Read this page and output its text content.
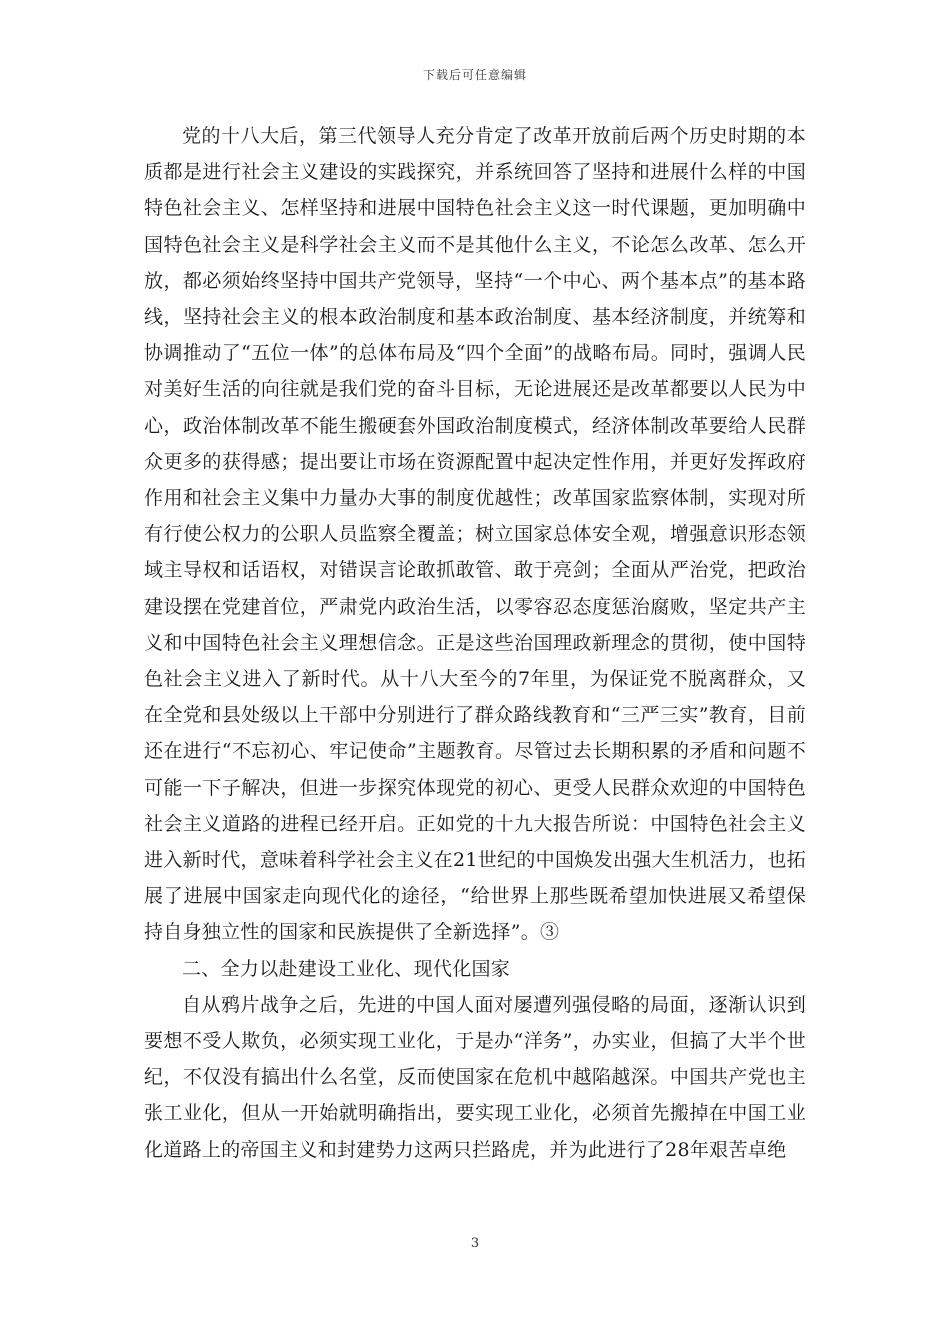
下载后可任意编辑

党的十八大后，第三代领导人充分肯定了改革开放前后两个历史时期的本质都是进行社会主义建设的实践探究，并系统回答了坚持和进展什么样的中国特色社会主义、怎样坚持和进展中国特色社会主义这一时代课题，更加明确中国特色社会主义是科学社会主义而不是其他什么主义，不论怎么改革、怎么开放，都必须始终坚持中国共产党领导，坚持“一个中心、两个基本点”的基本路线，坚持社会主义的根本政治制度和基本政治制度、基本经济制度，并统筹和协调推动了“五位一体”的总体布局及“四个全面”的战略布局。同时，强调人民对美好生活的向往就是我们党的奋斗目标，无论进展还是改革都要以人民为中心，政治体制改革不能生搬硬套外国政治制度模式，经济体制改革要给人民群众更多的获得感；提出要让市场在资源配置中起决定性作用，并更好发挥政府作用和社会主义集中力量办大事的制度优越性；改革国家监察体制，实现对所有行使公权力的公职人员监察全覆盖；树立国家总体安全观，增强意识形态领域主导权和话语权，对错误言论敢抓敢管、敢于亮剑；全面从严治党，把政治建设摆在党建首位，严肃党内政治生活，以零容忍态度惩治腐败，坚定共产主义和中国特色社会主义理想信念。正是这些治国理政新理念的贯彻，使中国特色社会主义进入了新时代。从十八大至今的7年里，为保证党不脱离群众，又在全党和县处级以上干部中分别进行了群众路线教育和“三严三实”教育，目前还在进行“不忘初心、牢记使命”主题教育。尽管过去长期积累的矛盾和问题不可能一下子解决，但进一步探究体现党的初心、更受人民群众欢迎的中国特色社会主义道路的进程已经开启。正如党的十九大报告所说：中国特色社会主义进入新时代，意味着科学社会主义在21世纪的中国焕发出强大生机活力，也拓展了进展中国家走向现代化的途径，“给世界上那些既希望加快进展又希望保持自身独立性的国家和民族提供了全新选择”。③

二、全力以赴建设工业化、现代化国家

自从鸦片战争之后，先进的中国人面对屡遭列强侵略的局面，逐渐认识到要想不受人欺负，必须实现工业化，于是办“洋务”，办实业，但搞了大半个世纪，不仅没有搞出什么名堂，反而使国家在危机中越陷越深。中国共产党也主张工业化，但从一开始就明确指出，要实现工业化，必须首先搬掉在中国工业化道路上的帝国主义和封建势力这两只拦路虎，并为此进行了28年艰苦卓绝

3
